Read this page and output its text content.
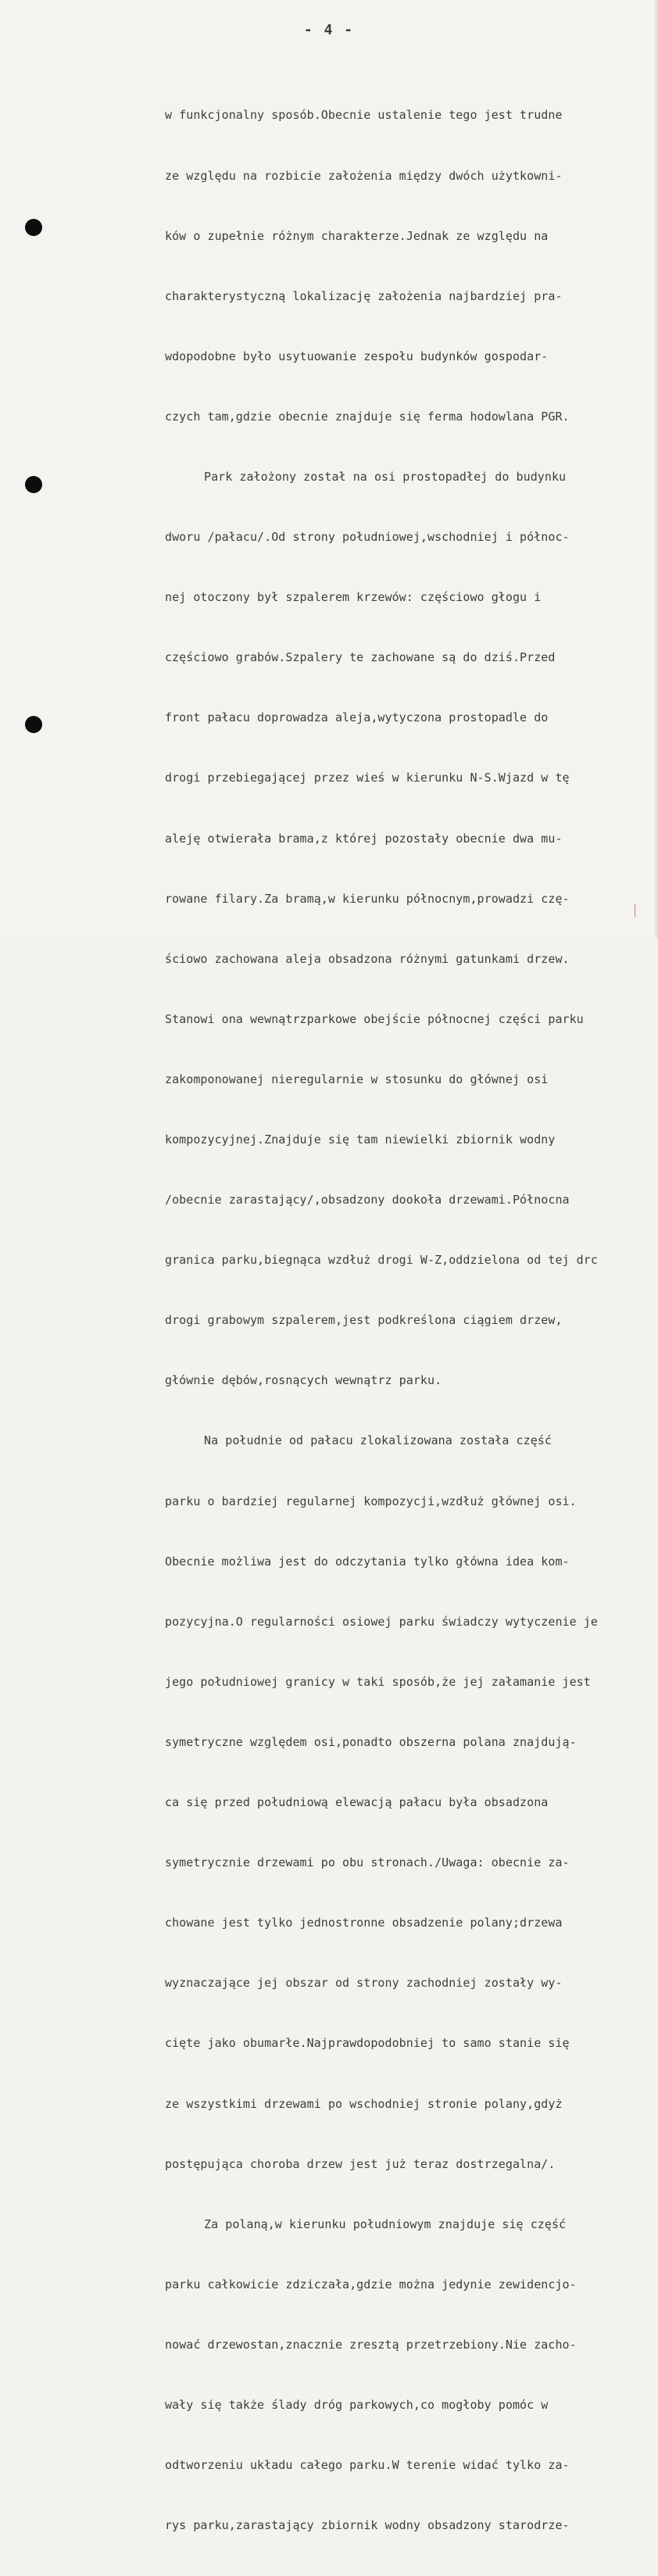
- 4 -

w funkcjonalny sposób.Obecnie ustalenie tego jest trudne

ze względu na rozbicie założenia między dwóch użytkowni-

ków o zupełnie różnym charakterze.Jednak ze względu na

charakterystyczną lokalizację założenia najbardziej pra-

wdopodobne było usytuowanie zespołu budynków gospodar-

czych tam,gdzie obecnie znajduje się ferma hodowlana PGR.

Park założony został na osi prostopadłej do budynku

dworu /pałacu/.Od strony południowej,wschodniej i północ-

nej otoczony był szpalerem krzewów: częściowo głogu i

częściowo grabów.Szpalery te zachowane są do dziś.Przed

front pałacu doprowadza aleja,wytyczona prostopadle do

drogi przebiegającej przez wieś w kierunku N-S.Wjazd w tę

aleję otwierała brama,z której pozostały obecnie dwa mu-

rowane filary.Za bramą,w kierunku północnym,prowadzi czę-

ściowo zachowana aleja obsadzona różnymi gatunkami drzew.

Stanowi ona wewnątrzparkowe obejście północnej części parku

zakomponowanej nieregularnie w stosunku do głównej osi

kompozycyjnej.Znajduje się tam niewielki zbiornik wodny

/obecnie zarastający/,obsadzony dookoła drzewami.Północna

granica parku,biegnąca wzdłuż drogi W-Z,oddzielona od tej drc

drogi grabowym szpalerem,jest podkreślona ciągiem drzew,

głównie dębów,rosnących wewnątrz parku.

Na południe od pałacu zlokalizowana została część

parku o bardziej regularnej kompozycji,wzdłuż głównej osi.

Obecnie możliwa jest do odczytania tylko główna idea kom-

pozycyjna.O regularności osiowej parku świadczy wytyczenie je

jego południowej granicy w taki sposób,że jej załamanie jest

symetryczne względem osi,ponadto obszerna polana znajdują-

ca się przed południową elewacją pałacu była obsadzona

symetrycznie drzewami po obu stronach./Uwaga: obecnie za-

chowane jest tylko jednostronne obsadzenie polany;drzewa

wyznaczające jej obszar od strony zachodniej zostały wy-

cięte jako obumarłe.Najprawdopodobniej to samo stanie się

ze wszystkimi drzewami po wschodniej stronie polany,gdyż

postępująca choroba drzew jest już teraz dostrzegalna/.

Za polaną,w kierunku południowym znajduje się część

parku całkowicie zdziczała,gdzie można jedynie zewidencjo-

nować drzewostan,znacznie zresztą przetrzebiony.Nie zacho-

wały się także ślady dróg parkowych,co mogłoby pomóc w

odtworzeniu układu całego parku.W terenie widać tylko za-

rys parku,zarastający zbiornik wodny obsadzony starodrze-
